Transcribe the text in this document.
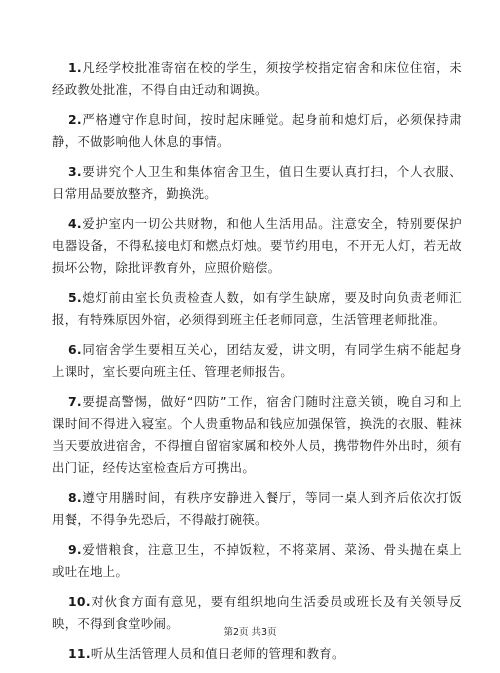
1.凡经学校批准寄宿在校的学生，须按学校指定宿舍和床位住宿，未经政教处批准，不得自由迁动和调换。

2.严格遵守作息时间，按时起床睡觉。起身前和熄灯后，必须保持肃静，不做影响他人休息的事情。

3.要讲究个人卫生和集体宿舍卫生，值日生要认真打扫，个人衣服、日常用品要放整齐，勤换洗。

4.爱护室内一切公共财物，和他人生活用品。注意安全，特别要保护电器设备，不得私接电灯和燃点灯烛。要节约用电，不开无人灯，若无故损坏公物，除批评教育外，应照价赔偿。

5.熄灯前由室长负责检查人数，如有学生缺席，要及时向负责老师汇报，有特殊原因外宿，必须得到班主任老师同意，生活管理老师批准。

6.同宿舍学生要相互关心，团结友爱，讲文明，有同学生病不能起身上课时，室长要向班主任、管理老师报告。

7.要提高警惕，做好“四防”工作，宿舍门随时注意关锁，晚自习和上课时间不得进入寝室。个人贵重物品和钱应加强保管，换洗的衣服、鞋袜当天要放进宿舍，不得擅自留宿家属和校外人员，携带物件外出时，须有出门证，经传达室检查后方可携出。

8.遵守用膳时间，有秩序安静进入餐厅，等同一桌人到齐后依次打饭用餐，不得争先恐后，不得敲打碗筷。

9.爱惜粮食，注意卫生，不掉饭粒，不将菜屑、菜汤、骨头抛在桌上或吐在地上。

10.对伙食方面有意见，要有组织地向生活委员或班长及有关领导反映，不得到食堂吵闹。

11.听从生活管理人员和值日老师的管理和教育。

第2页 共3页
